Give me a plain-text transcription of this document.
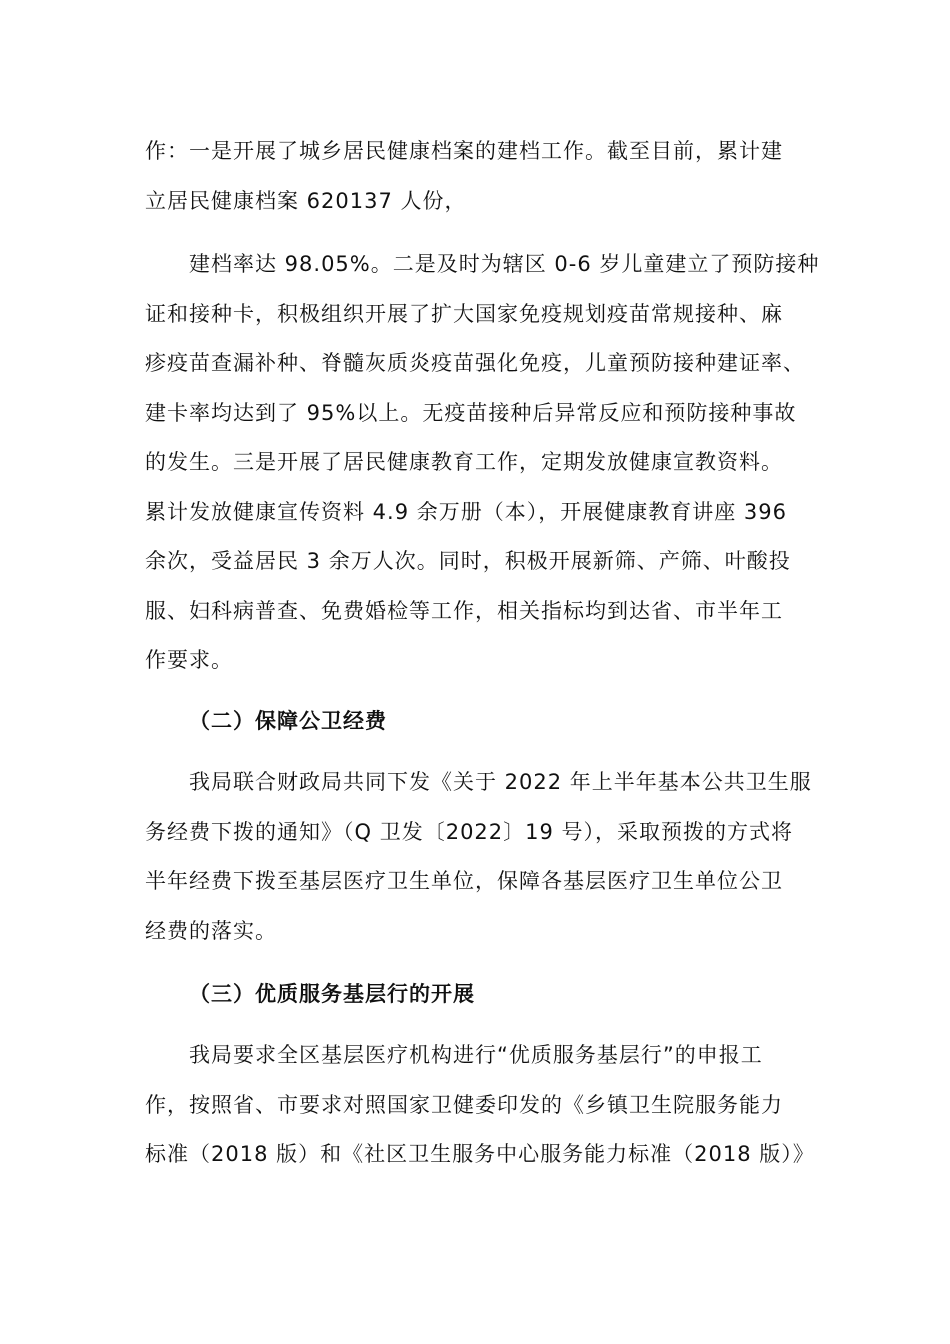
作：一是开展了城乡居民健康档案的建档工作。截至目前，累计建
立居民健康档案 620137 人份，
建档率达 98.05%。二是及时为辖区 0-6 岁儿童建立了预防接种
证和接种卡，积极组织开展了扩大国家免疫规划疫苗常规接种、麻
疹疫苗查漏补种、脊髓灰质炎疫苗强化免疫，儿童预防接种建证率、
建卡率均达到了 95%以上。无疫苗接种后异常反应和预防接种事故
的发生。三是开展了居民健康教育工作，定期发放健康宣教资料。
累计发放健康宣传资料 4.9 余万册（本），开展健康教育讲座 396
余次，受益居民 3 余万人次。同时，积极开展新筛、产筛、叶酸投
服、妇科病普查、免费婚检等工作，相关指标均到达省、市半年工
作要求。
（二）保障公卫经费
我局联合财政局共同下发《关于 2022 年上半年基本公共卫生服
务经费下拨的通知》（Q 卫发〔2022〕19 号），采取预拨的方式将
半年经费下拨至基层医疗卫生单位，保障各基层医疗卫生单位公卫
经费的落实。
（三）优质服务基层行的开展
我局要求全区基层医疗机构进行“优质服务基层行”的申报工
作，按照省、市要求对照国家卫健委印发的《乡镇卫生院服务能力
标准（2018 版）和《社区卫生服务中心服务能力标准（2018 版）》
